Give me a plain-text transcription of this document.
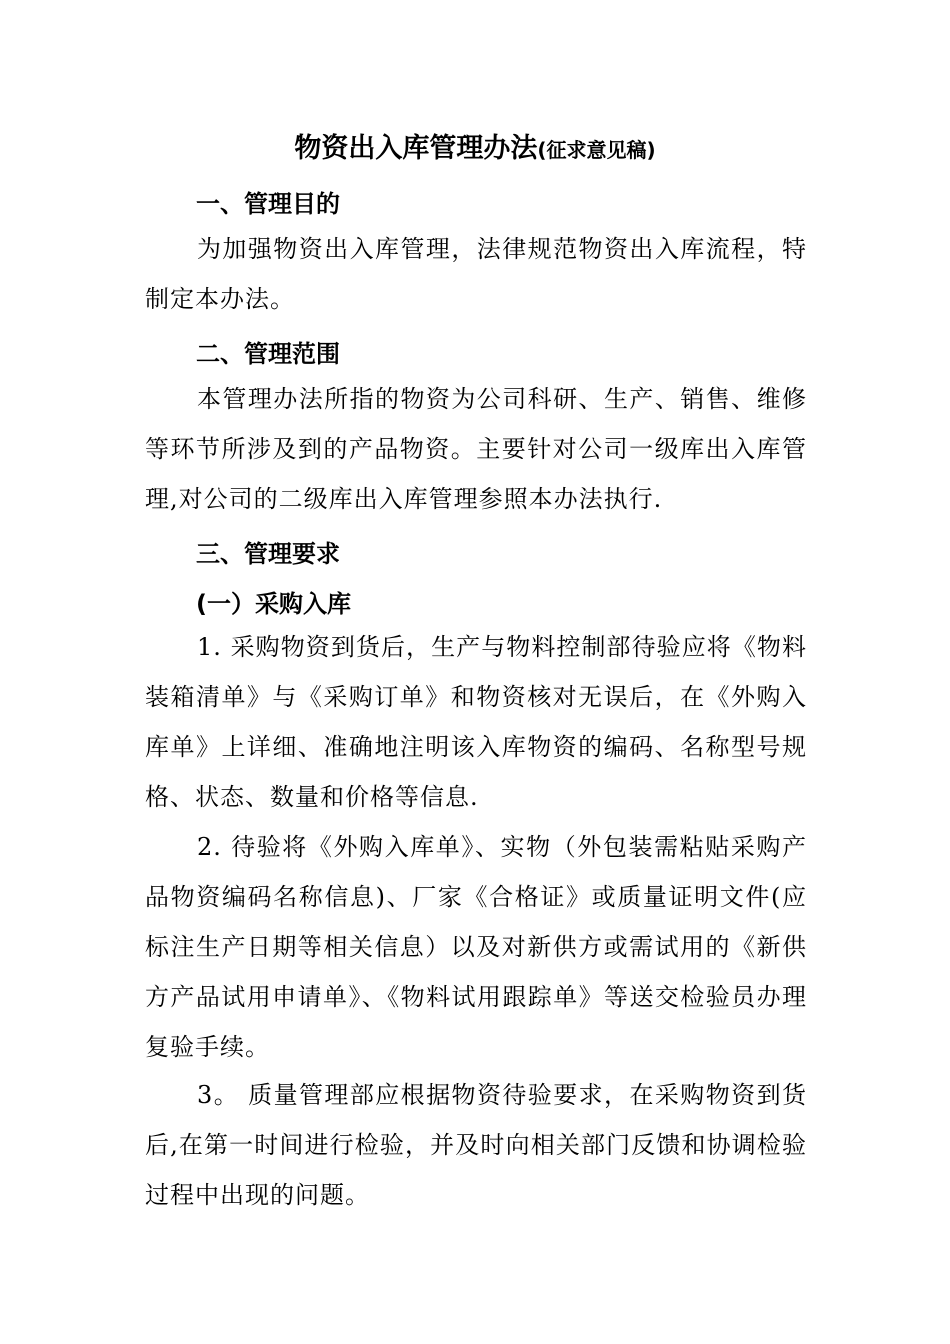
物资出入库管理办法(征求意见稿)
一、管理目的

为加强物资出入库管理，法律规范物资出入库流程，特制定本办法。

二、管理范围

本管理办法所指的物资为公司科研、生产、销售、维修等环节所涉及到的产品物资。主要针对公司一级库出入库管理,对公司的二级库出入库管理参照本办法执行.

三、管理要求
(一）采购入库

1. 采购物资到货后，生产与物料控制部待验应将《物料装箱清单》与《采购订单》和物资核对无误后，在《外购入库单》上详细、准确地注明该入库物资的编码、名称型号规格、状态、数量和价格等信息.

2. 待验将《外购入库单》、实物（外包装需粘贴采购产品物资编码名称信息)、厂家《合格证》或质量证明文件(应标注生产日期等相关信息）以及对新供方或需试用的《新供方产品试用申请单》、《物料试用跟踪单》等送交检验员办理复验手续。

3。 质量管理部应根据物资待验要求，在采购物资到货后,在第一时间进行检验，并及时向相关部门反馈和协调检验过程中出现的问题。
